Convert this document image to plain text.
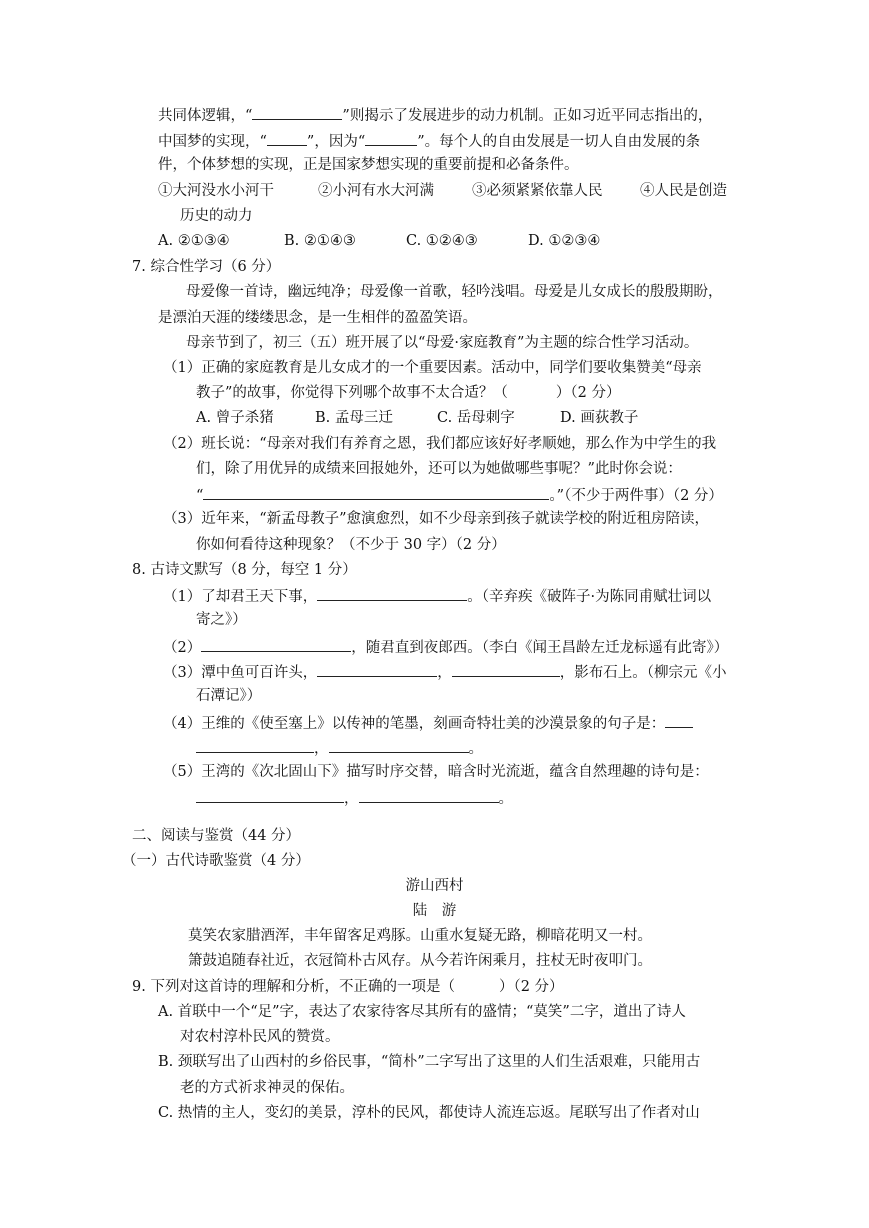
共同体逻辑，“	”则揭示了发展进步的动力机制。正如习近平同志指出的，
中国梦的实现，“	”，因为“	”。每个人的自由发展是一切人自由发展的条
件，个体梦想的实现，正是国家梦想实现的重要前提和必备条件。
①大河没水小河干	②小河有水大河满	③必须紧紧依靠人民	④人民是创造
历史的动力
A. ②①③④	B. ②①④③	C. ①②④③	D. ①②③④
7. 综合性学习（6 分）
母爱像一首诗，幽远纯净；母爱像一首歌，轻吟浅唱。母爱是儿女成长的殷殷期盼，
是漂泊天涯的缕缕思念，是一生相伴的盈盈笑语。
母亲节到了，初三（五）班开展了以“母爱·家庭教育”为主题的综合性学习活动。
（1）正确的家庭教育是儿女成才的一个重要因素。活动中，同学们要收集赞美“母亲
教子”的故事，你觉得下列哪个故事不太合适？（	）（2 分）
A. 曾子杀猪	B. 孟母三迁	C. 岳母刺字	D. 画荻教子
（2）班长说：“母亲对我们有养育之恩，我们都应该好好孝顺她，那么作为中学生的我
们，除了用优异的成绩来回报她外，还可以为她做哪些事呢？”此时你会说：
“	。”（不少于两件事）（2 分）
（3）近年来，“新孟母教子”愈演愈烈，如不少母亲到孩子就读学校的附近租房陪读，
你如何看待这种现象？（不少于 30 字）（2 分）
8. 古诗文默写（8 分，每空 1 分）
（1）了却君王天下事，	。（辛弃疾《破阵子·为陈同甫赋壮词以
寄之》）
（2）	，随君直到夜郎西。（李白《闻王昌龄左迁龙标遥有此寄》）
（3）潭中鱼可百许头，	，	，影布石上。（柳宗元《小
石潭记》）
（4）王维的《使至塞上》以传神的笔墨，刻画奇特壮美的沙漠景象的句子是：
，	。
（5）王湾的《次北固山下》描写时序交替，暗含时光流逝，蕴含自然理趣的诗句是：
，	。
二、阅读与鉴赏（44 分）
（一）古代诗歌鉴赏（4 分）
游山西村
陆　游
莫笑农家腊酒浑，丰年留客足鸡豚。山重水复疑无路，柳暗花明又一村。
箫鼓追随春社近，衣冠简朴古风存。从今若许闲乘月，拄杖无时夜叩门。
9. 下列对这首诗的理解和分析，不正确的一项是（	）（2 分）
A. 首联中一个“足”字，表达了农家待客尽其所有的盛情；“莫笑”二字，道出了诗人
对农村淳朴民风的赞赏。
B. 颈联写出了山西村的乡俗民事，“简朴”二字写出了这里的人们生活艰难，只能用古
老的方式祈求神灵的保佑。
C. 热情的主人，变幻的美景，淳朴的民风，都使诗人流连忘返。尾联写出了作者对山
